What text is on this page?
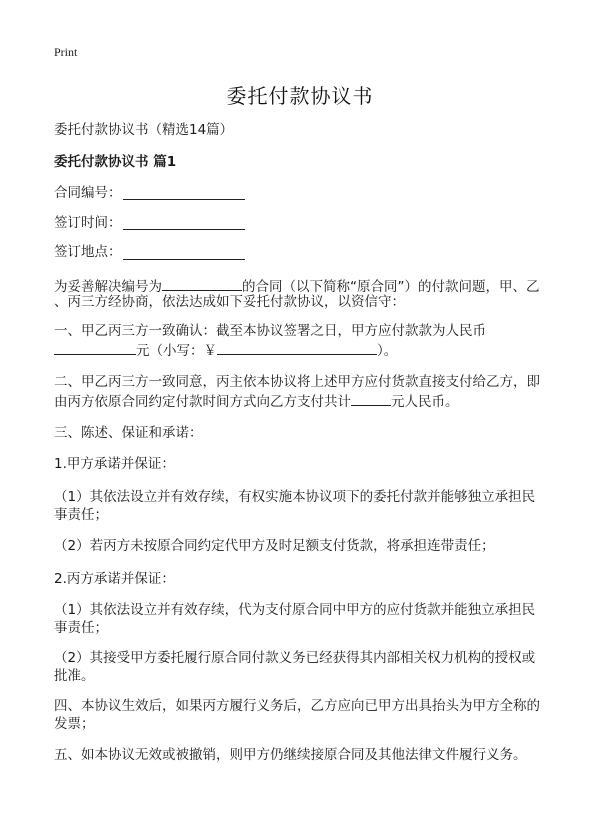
Print
委托付款协议书
委托付款协议书（精选14篇）
委托付款协议书 篇1
合同编号：
签订时间：
签订地点：
为妥善解决编号为	的合同（以下简称“原合同”）的付款问题，甲、乙
、丙三方经协商，依法达成如下妥托付款协议，以资信守：
一、甲乙丙三方一致确认：截至本协议签署之日，甲方应付款款为人民币
元（小写：￥	）。
二、甲乙丙三方一致同意，丙主依本协议将上述甲方应付货款直接支付给乙方，即
由丙方依原合同约定付款时间方式向乙方支付共计	元人民币。
三、陈述、保证和承诺：
1.甲方承诺并保证：
（1）其依法设立并有效存续，有权实施本协议项下的委托付款并能够独立承担民
事责任；
（2）若丙方未按原合同约定代甲方及时足额支付货款，将承担连带责任；
2.丙方承诺并保证：
（1）其依法设立并有效存续，代为支付原合同中甲方的应付货款并能独立承担民
事责任；
（2）其接受甲方委托履行原合同付款义务已经获得其内部相关权力机构的授权或
批准。
四、本协议生效后，如果丙方履行义务后，乙方应向已甲方出具抬头为甲方全称的
发票；
五、如本协议无效或被撤销，则甲方仍继续接原合同及其他法律文件履行义务。
